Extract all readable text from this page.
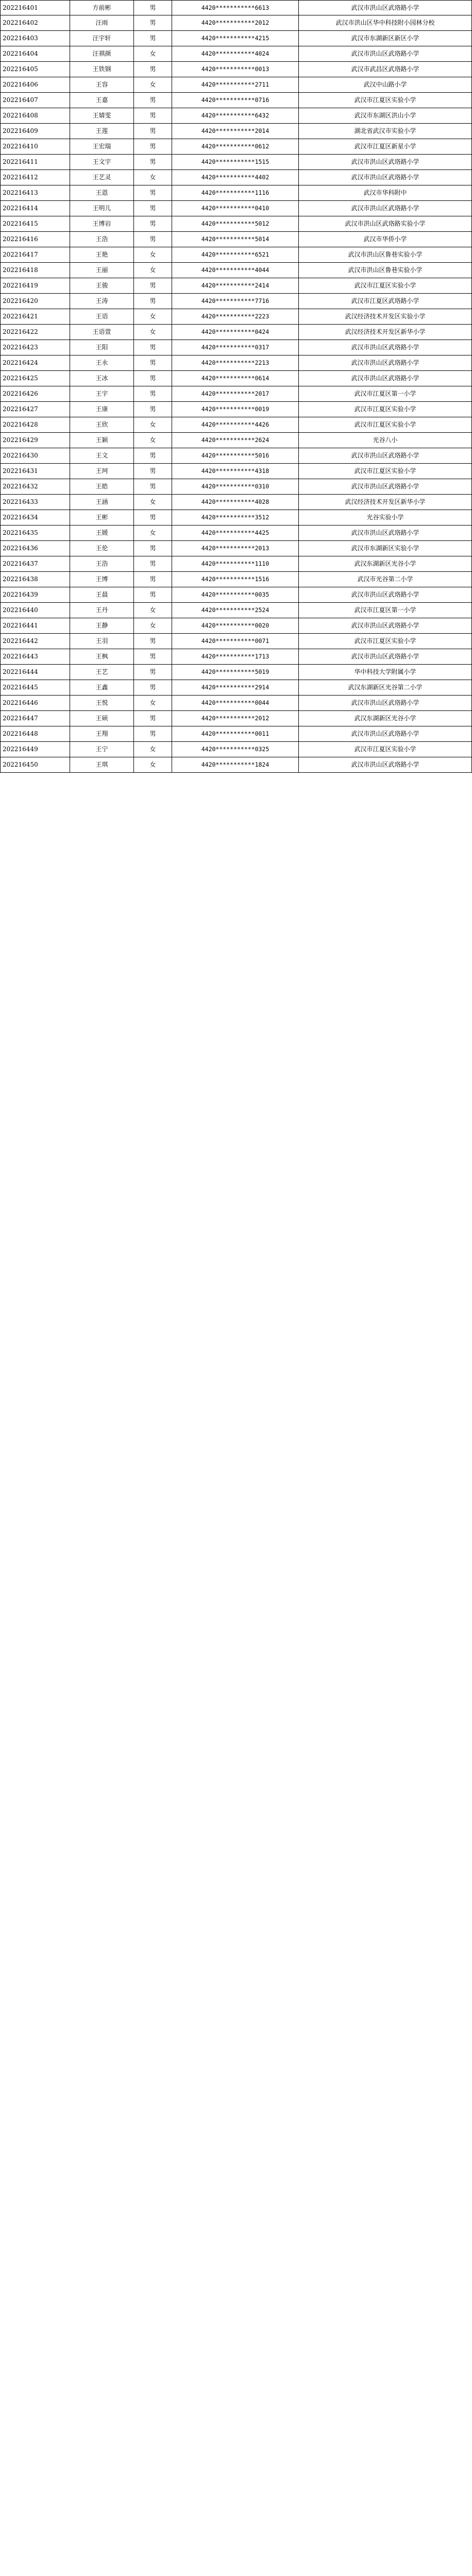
202216401	方前彬	男	4420***********6613	武汉市洪山区武珞路小学
202216402	汪雨	男	4420***********2012	武汉市洪山区华中科技附小园林分校
202216403	汪宇轩	男	4420***********4215	武汉市东湖新区新区小学
202216404	汪祺颜	女	4420***********4024	武汉市洪山区武珞路小学
202216405	王铁钢	男	4420***********0013	武汉市武昌区武珞路小学
202216406	王容	女	4420***********2711	武汉中山路小学
202216407	王嘉	男	4420***********0716	武汉市江夏区实验小学
202216408	王婧雯	男	4420***********6432	武汉市东湖区洪山小学
202216409	王莲	男	4420***********2014	湖北省武汉市实验小学
202216410	王宏瑞	男	4420***********0612	武汉市江夏区新星小学
202216411	王文宇	男	4420***********1515	武汉市洪山区武珞路小学
202216412	王艺灵	女	4420***********4402	武汉市洪山区武珞路小学
202216413	王恩	男	4420***********1116	武汉市华科附中
202216414	王明儿	男	4420***********0410	武汉市洪山区武珞路小学
202216415	王博岩	男	4420***********5012	武汉市洪山区武珞路实验小学
202216416	王浩	男	4420***********5014	武汉市华侨小学
202216417	王艳	女	4420***********6521	武汉市洪山区鲁巷实验小学
202216418	王丽	女	4420***********4044	武汉市洪山区鲁巷实验小学
202216419	王骏	男	4420***********2414	武汉市江夏区实验小学
202216420	王涛	男	4420***********7716	武汉市江夏区武珞路小学
202216421	王语	女	4420***********2223	武汉经济技术开发区实验小学
202216422	王语萱	女	4420***********0424	武汉经济技术开发区新华小学
202216423	王阳	男	4420***********0317	武汉市洪山区武珞路小学
202216424	王永	男	4420***********2213	武汉市洪山区武珞路小学
202216425	王冰	男	4420***********0614	武汉市洪山区武珞路小学
202216426	王宇	男	4420***********2017	武汉市江夏区第一小学
202216427	王康	男	4420***********0019	武汉市江夏区实验小学
202216428	王欣	女	4420***********4426	武汉市江夏区实验小学
202216429	王颖	女	4420***********2624	光谷八小
202216430	王文	男	4420***********5016	武汉市洪山区武珞路小学
202216431	王珂	男	4420***********4318	武汉市江夏区实验小学
202216432	王皓	男	4420***********0310	武汉市洪山区武珞路小学
202216433	王涵	女	4420***********4028	武汉经济技术开发区新华小学
202216434	王彬	男	4420***********3512	光谷实验小学
202216435	王媛	女	4420***********4425	武汉市洪山区武珞路小学
202216436	王伦	男	4420***********2013	武汉市东湖新区实验小学
202216437	王浩	男	4420***********1110	武汉东湖新区光谷小学
202216438	王博	男	4420***********1516	武汉市光谷第二小学
202216439	王晨	男	4420***********0035	武汉市洪山区武珞路小学
202216440	王丹	女	4420***********2524	武汉市江夏区第一小学
202216441	王静	女	4420***********0020	武汉市洪山区武珞路小学
202216442	王羽	男	4420***********0071	武汉市江夏区实验小学
202216443	王枫	男	4420***********1713	武汉市洪山区武珞路小学
202216444	王艺	男	4420***********5019	华中科技大学附属小学
202216445	王鑫	男	4420***********2914	武汉东湖新区光谷第二小学
202216446	王悦	女	4420***********0044	武汉市洪山区武珞路小学
202216447	王硕	男	4420***********2012	武汉东湖新区光谷小学
202216448	王翔	男	4420***********0011	武汉市洪山区武珞路小学
202216449	王宁	女	4420***********0325	武汉市江夏区实验小学
202216450	王琪	女	4420***********1824	武汉市洪山区武珞路小学
